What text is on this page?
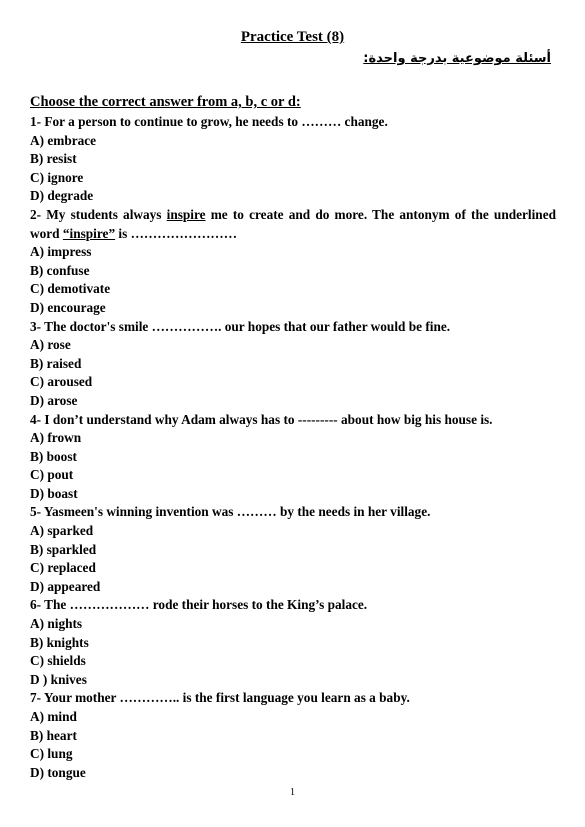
Practice Test (8)
أسئلة موضوعية بدرجة واحدة:
Choose the correct answer from a, b, c or d:
1- For a person to continue to grow, he needs to ……… change.
A) embrace
B) resist
C) ignore
D) degrade
2- My students always inspire me to create and do more. The antonym of the underlined word “inspire” is ……………………
A) impress
B) confuse
C) demotivate
D) encourage
3- The doctor's smile ……………. our hopes that our father would be fine.
A) rose
B) raised
C) aroused
D) arose
4- I don’t understand why Adam always has to --------- about how big his house is.
A) frown
B) boost
C) pout
D) boast
5- Yasmeen's winning invention was ……… by the needs in her village.
A) sparked
B) sparkled
C) replaced
D) appeared
6- The ……………… rode their horses to the King’s palace.
A) nights
B) knights
C) shields
D ) knives
7- Your mother ………….. is the first language you learn as a baby.
A) mind
B) heart
C) lung
D) tongue
1
